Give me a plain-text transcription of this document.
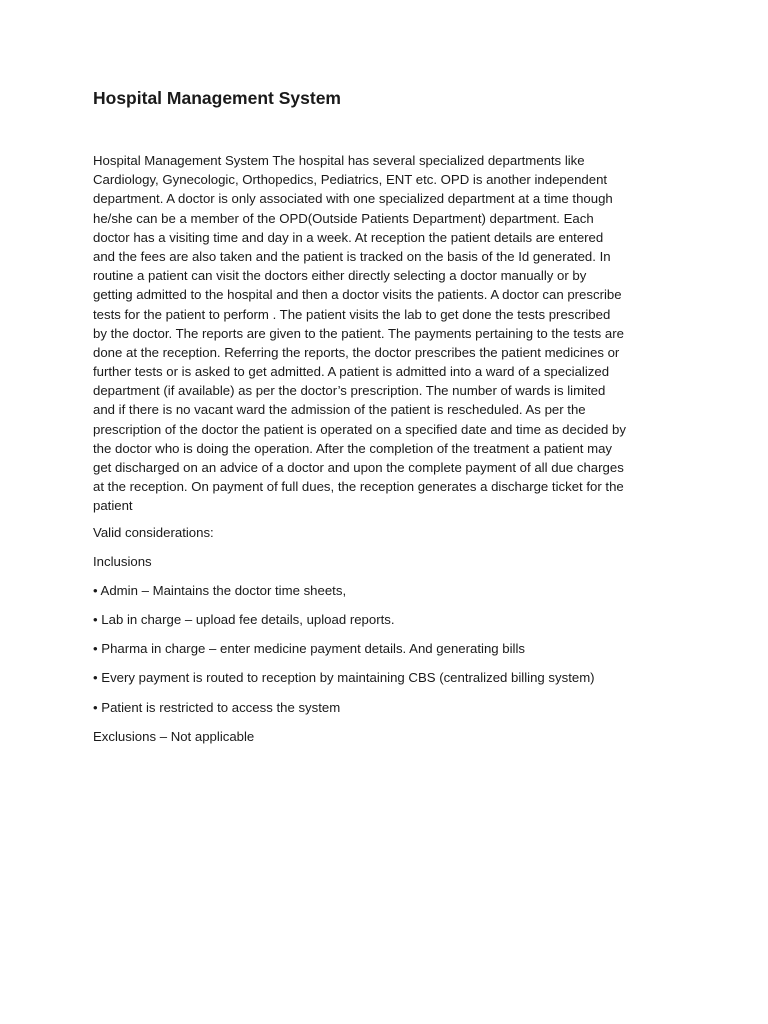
Hospital Management System
Hospital Management System The hospital has several specialized departments like
Cardiology, Gynecologic, Orthopedics, Pediatrics, ENT etc. OPD is another independent
department. A doctor is only associated with one specialized department at a time though
he/she can be a member of the OPD(Outside Patients Department) department. Each
doctor has a visiting time and day in a week. At reception the patient details are entered
and the fees are also taken and the patient is tracked on the basis of the Id generated. In
routine a patient can visit the doctors either directly selecting a doctor manually or by
getting admitted to the hospital and then a doctor visits the patients. A doctor can prescribe
tests for the patient to perform . The patient visits the lab to get done the tests prescribed
by the doctor. The reports are given to the patient. The payments pertaining to the tests are
done at the reception. Referring the reports, the doctor prescribes the patient medicines or
further tests or is asked to get admitted. A patient is admitted into a ward of a specialized
department (if available) as per the doctor’s prescription. The number of wards is limited
and if there is no vacant ward the admission of the patient is rescheduled. As per the
prescription of the doctor the patient is operated on a specified date and time as decided by
the doctor who is doing the operation. After the completion of the treatment a patient may
get discharged on an advice of a doctor and upon the complete payment of all due charges
at the reception. On payment of full dues, the reception generates a discharge ticket for the
patient
Valid considerations:
Inclusions
• Admin – Maintains the doctor time sheets,
• Lab in charge – upload fee details, upload reports.
• Pharma in charge – enter medicine payment details. And generating bills
• Every payment is routed to reception by maintaining CBS (centralized billing system)
• Patient is restricted to access the system
Exclusions – Not applicable
